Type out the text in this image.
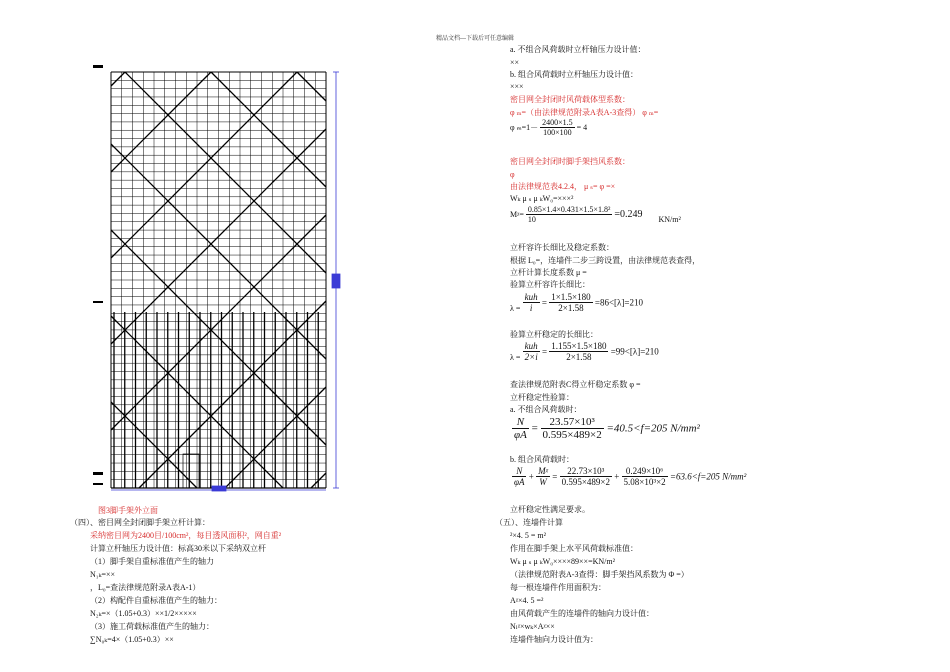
精品文档---下载后可任意编辑
图3脚手架外立面
（四）、密目网全封闭脚手架立杆计算：
采纳密目网为2400目/100cm²，每目透风面积²，网自重²
计算立杆轴压力设计值：标高30米以下采纳双立杆
（1）脚手架自重标准值产生的轴力
N₁ₖ=××
，L₀=查法律规范附录A表A-1）
（2）构配件自重标准值产生的轴力：
N₂ₖ=×（1.05+0.3）××1/2×××××
（3）施工荷载标准值产生的轴力：
∑N₀ₖ=4×（1.05+0.3）××
a. 不组合风荷载时立杆轴压力设计值：
××
b. 组合风荷载时立杆轴压力设计值：
×××
密目网全封闭时风荷载体型系数：
φ ₘ=（由法律规范附录A表A-3查得） φ ₘ=
φ $_m=1- \frac{2400\times 1.5}{100\times 100} = 4$
密目网全封闭时脚手架挡风系数：
φ
由法律规范表4.2.4， μ ₛ= φ =×
Wₖ μ ₛ μ ₖW₀=×××²
Mᵡ= $\frac{\text{0.85×1.4×0.431×1.5×1.8²}}{10} =0.249$ KN/m²
立杆容许长细比及稳定系数：
根据 L₀=，连墙件二步三跨设置，由法律规范表查得，
立杆计算长度系数 μ =
验算立杆容许长细比：
$\lambda = \frac{\text{kuh}}{i} = \frac{1\times 1.5\times 180}{2\times 1.58} =86<[\lambda]=210$
验算立杆稳定的长细比：
$\lambda = \frac{\text{kuh}}{2\times i} = \frac{1.155\times 1.5\times 180}{2\times 1.58} =99<[\lambda]=210$
查法律规范附表C得立杆稳定系数 φ =
立杆稳定性验算：
a. 不组合风荷载时：
$\frac{N}{\varphi A} = \frac{\text{23.57×10³}}{0.595\times 489\times 2} =40.5<f=205$ N/mm²
b. 组合风荷载时：
$\frac{N}{\varphi A} + \frac{\text{Mᵡ}}{W} = \frac{\text{22.73×10³}}{0.595\times 489\times 2} + \frac{\text{0.249×10⁶}}{\text{5.08×10³×2}} =63.6<f=205$ N/mm²
立杆稳定性满足要求。
（五）、连墙件计算
²×4. 5 = m²
作用在脚手架上水平风荷载标准值：
Wₖ μ ₛ μ ₖW₀××××89××=KN/m²
（法律规范附表A-3查得：脚手架挡风系数为 Φ =）
每一根连墙件作用面积为：
Aᵡ×4. 5 =²
由风荷载产生的连墙件的轴向力设计值：
Nₗᵡ×wₖ×Aᵡ××
连墙件轴向力设计值为：
